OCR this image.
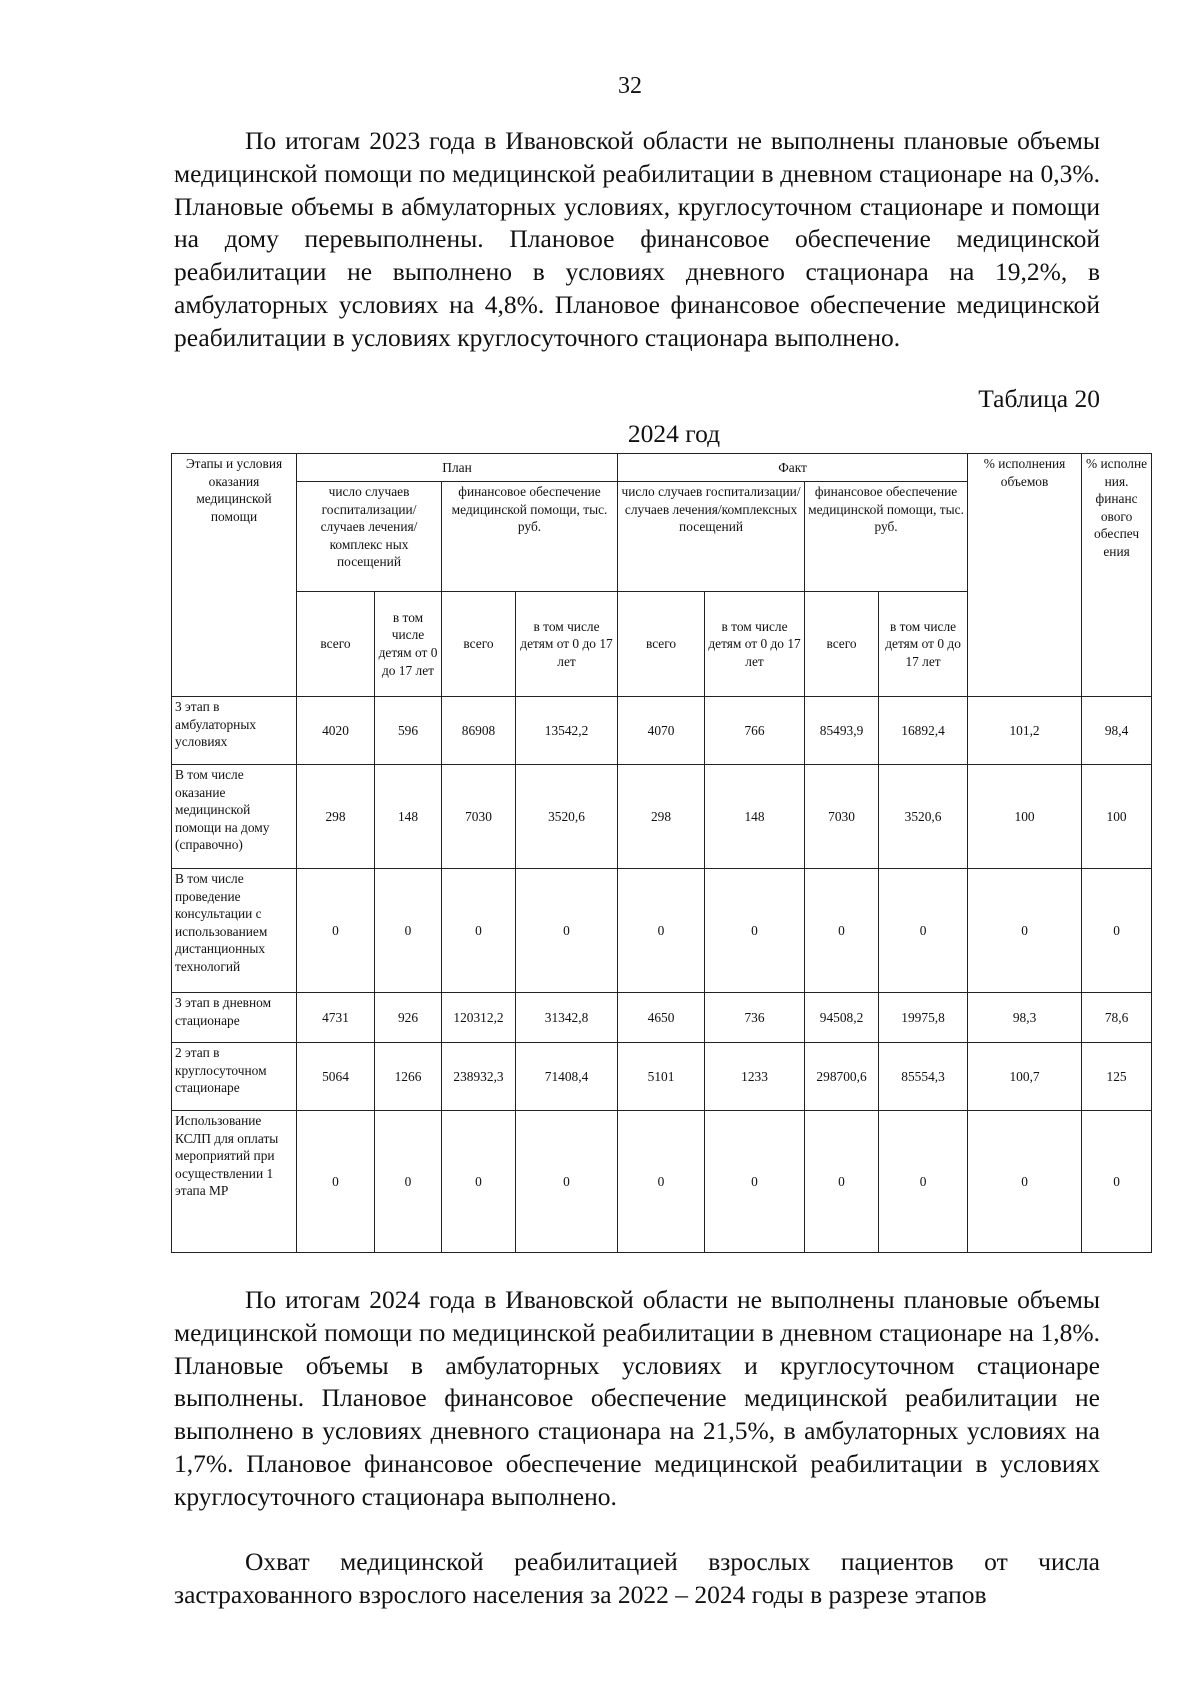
32

По итогам 2023 года в Ивановской области не выполнены плановые объемы медицинской помощи по медицинской реабилитации в дневном стационаре на 0,3%. Плановые объемы в абмулаторных условиях, круглосуточном стационаре и помощи на дому перевыполнены. Плановое финансовое обеспечение медицинской реабилитации не выполнено в условиях дневного стационара на 19,2%, в амбулаторных условиях на 4,8%. Плановое финансовое обеспечение медицинской реабилитации в условиях круглосуточного стационара выполнено.

Таблица 20
2024 год
Этапы и условия оказания медицинской помощи	План				Факт				% исполнения объемов	% исполне ния. финанс ового обеспеч ения
	число случаев госпитализации/ случаев лечения/комплекс ных посещений		финансовое обеспечение медицинской помощи, тыс. руб.		число случаев госпитализации/случаев лечения/комплексных посещений		финансовое обеспечение медицинской помощи, тыс. руб.			
	всего	в том числе детям от 0 до 17 лет	всего	в том числе детям от 0 до 17 лет	всего	в том числе детям от 0 до 17 лет	всего	в том числе детям от 0 до 17 лет		
3 этап в амбулаторных условиях	4020	596	86908	13542,2	4070	766	85493,9	16892,4	101,2	98,4
В том числе оказание медицинской помощи на дому (справочно)	298	148	7030	3520,6	298	148	7030	3520,6	100	100
В том числе проведение консультации с использованием дистанционных технологий	0	0	0	0	0	0	0	0	0	0
3 этап в дневном стационаре	4731	926	120312,2	31342,8	4650	736	94508,2	19975,8	98,3	78,6
2 этап в круглосуточном стационаре	5064	1266	238932,3	71408,4	5101	1233	298700,6	85554,3	100,7	125
Использование КСЛП для оплаты мероприятий при осуществлении 1 этапа МР	0	0	0	0	0	0	0	0	0	0

По итогам 2024 года в Ивановской области не выполнены плановые объемы медицинской помощи по медицинской реабилитации в дневном стационаре на 1,8%. Плановые объемы в амбулаторных условиях и круглосуточном стационаре выполнены. Плановое финансовое обеспечение медицинской реабилитации не выполнено в условиях дневного стационара на 21,5%, в амбулаторных условиях на 1,7%. Плановое финансовое обеспечение медицинской реабилитации в условиях круглосуточного стационара выполнено.

Охват медицинской реабилитацией взрослых пациентов от числа застрахованного взрослого населения за 2022 – 2024 годы в разрезе этапов
